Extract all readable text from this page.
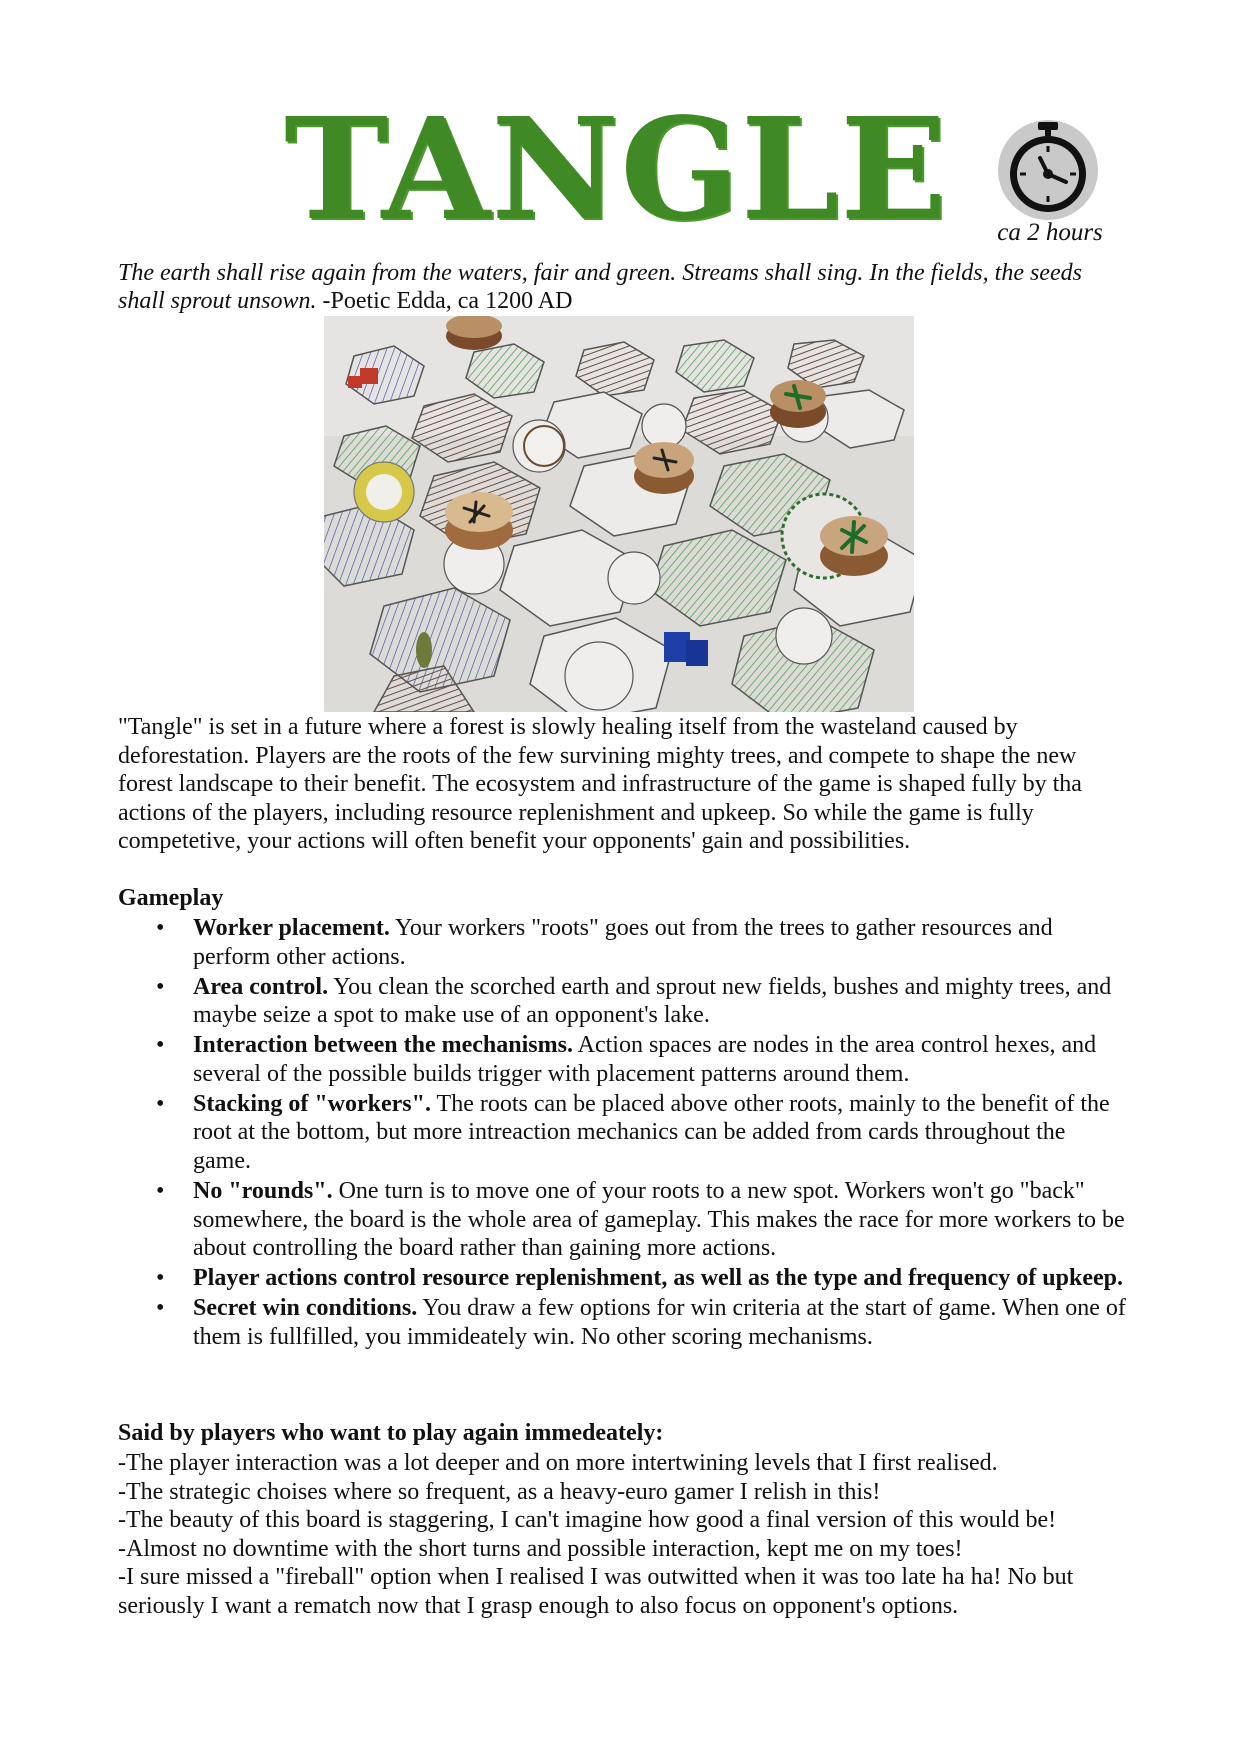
TANGLE	ca 2 hours
The earth shall rise again from the waters, fair and green. Streams shall sing. In the fields, the seeds shall sprout unsown. -Poetic Edda, ca 1200 AD
"Tangle" is set in a future where a forest is slowly healing itself from the wasteland caused by deforestation. Players are the roots of the few survining mighty trees, and compete to shape the new forest landscape to their benefit. The ecosystem and infrastructure of the game is shaped fully by tha actions of the players, including resource replenishment and upkeep. So while the game is fully competetive, your actions will often benefit your opponents' gain and possibilities.
Gameplay
• Worker placement. Your workers "roots" goes out from the trees to gather resources and perform other actions.
• Area control. You clean the scorched earth and sprout new fields, bushes and mighty trees, and maybe seize a spot to make use of an opponent's lake.
• Interaction between the mechanisms. Action spaces are nodes in the area control hexes, and several of the possible builds trigger with placement patterns around them.
• Stacking of "workers". The roots can be placed above other roots, mainly to the benefit of the root at the bottom, but more intreaction mechanics can be added from cards throughout the game.
• No "rounds". One turn is to move one of your roots to a new spot. Workers won't go "back" somewhere, the board is the whole area of gameplay. This makes the race for more workers to be about controlling the board rather than gaining more actions.
• Player actions control resource replenishment, as well as the type and frequency of upkeep.
• Secret win conditions. You draw a few options for win criteria at the start of game. When one of them is fullfilled, you immideately win. No other scoring mechanisms.
Said by players who want to play again immedeately:

-The player interaction was a lot deeper and on more intertwining levels that I first realised.

-The strategic choises where so frequent, as a heavy-euro gamer I relish in this!

-The beauty of this board is staggering, I can't imagine how good a final version of this would be!

-Almost no downtime with the short turns and possible interaction, kept me on my toes!

-I sure missed a "fireball" option when I realised I was outwitted when it was too late ha ha! No but seriously I want a rematch now that I grasp enough to also focus on opponent's options.
